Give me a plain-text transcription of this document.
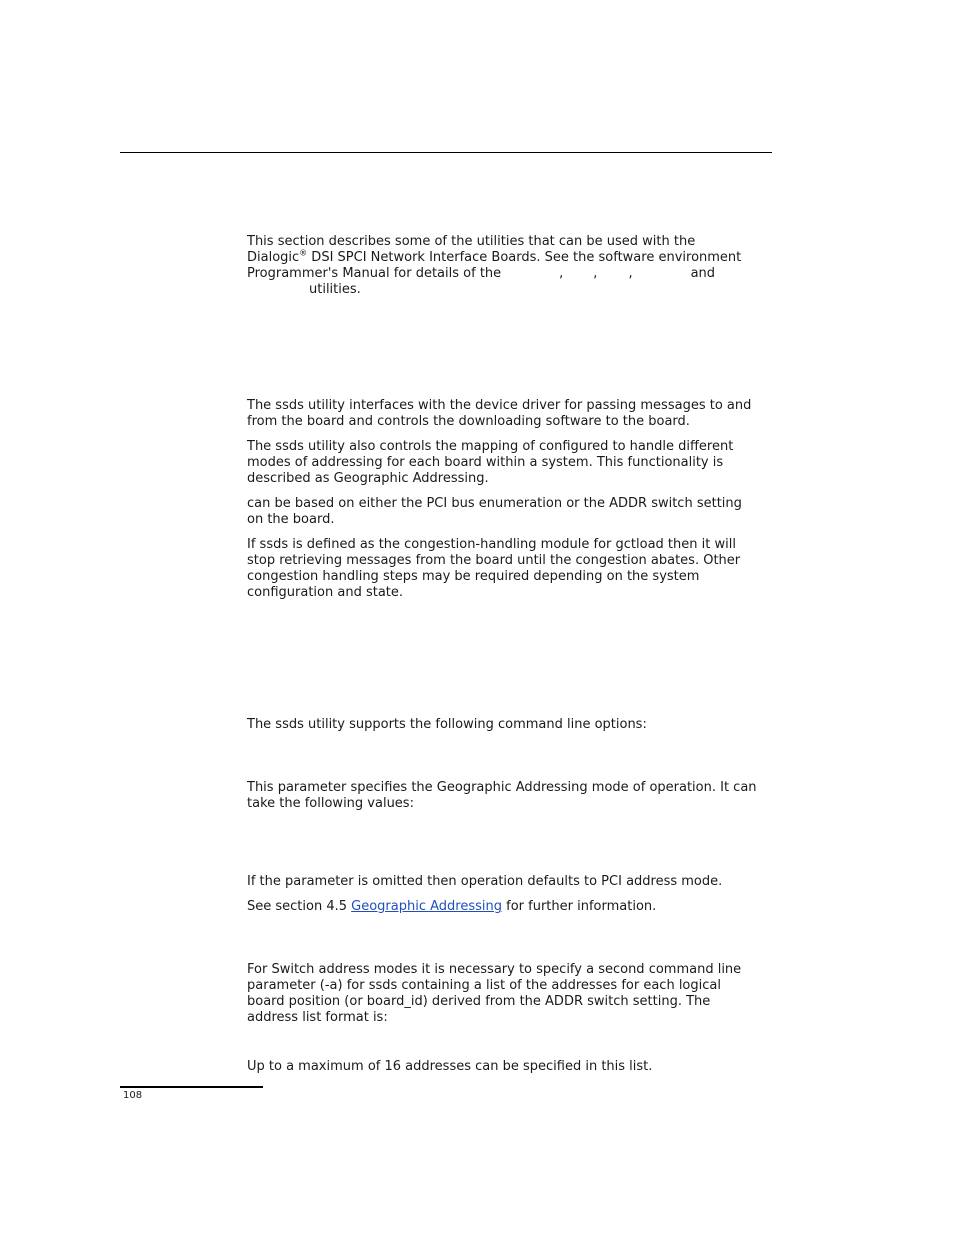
This section describes some of the utilities that can be used with the
Dialogic® DSI SPCI Network Interface Boards. See the software environment
Programmer's Manual for details of the	, , ,	and
utilities.
The ssds utility interfaces with the device driver for passing messages to and
from the board and controls the downloading software to the board.
The ssds utility also controls the mapping of configured to handle different
modes of addressing for each board within a system. This functionality is
described as Geographic Addressing.
can be based on either the PCI bus enumeration or the ADDR switch setting
on the board.
If ssds is defined as the congestion-handling module for gctload then it will
stop retrieving messages from the board until the congestion abates. Other
congestion handling steps may be required depending on the system
configuration and state.
The ssds utility supports the following command line options:
This parameter specifies the Geographic Addressing mode of operation. It can
take the following values:
If the parameter is omitted then operation defaults to PCI address mode.
See section 4.5 Geographic Addressing for further information.
For Switch address modes it is necessary to specify a second command line
parameter (-a) for ssds containing a list of the addresses for each logical
board position (or board_id) derived from the ADDR switch setting. The
address list format is:
Up to a maximum of 16 addresses can be specified in this list.
108
